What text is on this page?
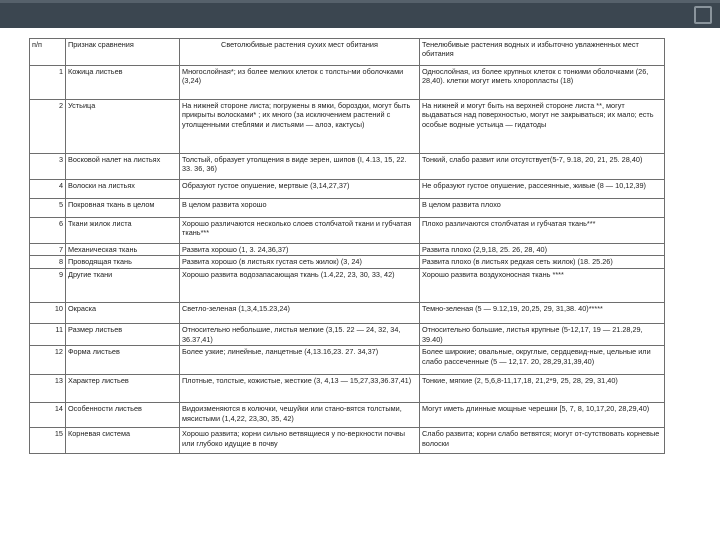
п/п	Признак сравнения	Светолюбивые растения сухих мест обитания	Тенелюбивые растения водных и избыточно увлажненных мест обитания
1	Кожица листьев	Многослойная*; из более мелких клеток с толсты-ми оболочками (3,24)	Однослойная, из более крупных клеток с тонкими оболочками (26, 28,40). клетки могут иметь хлоропласты (18)
2	Устьица	На нижней стороне листа; погружены в ямки, бороздки, могут быть прикрыты волосками* ; их много (за исключением растений с утолщенными стеблями и листьями — алоэ, кактусы)	На нижней и могут быть на верхней стороне листа **, могут выдаваться над поверхностью, могут не закрываться; их мало; есть особые водные устьица — гидатоды
3	Восковой налет на листьях	Толстый, образует утолщения в виде зерен, шипов (I, 4.13, 15, 22. 33. 36, 36)	Тонкий, слабо развит или отсутствует(5-7, 9.18, 20, 21, 25. 28,40)
4	Волоски на листьях	Образуют густое опушение, мертвые (3,14,27,37)	Не образуют густое опушение, рассеянные, живые (8 — 10,12,39)
5	Покровная ткань в целом	В целом развита хорошо	В целом развита плохо
6	Ткани жилок листа	Хорошо различаются несколько слоев столбчатой ткани и губчатая ткань***	Плохо различаются столбчатая и губчатая ткань***
7	Механическая ткань	Развита хорошо (1, 3. 24,36,37)	Развита плохо (2,9,18, 25. 26, 28, 40)
8	Проводящая ткань	Развита хорошо (в листьях густая сеть жилок) (3, 24)	Развита плохо (в листьях редкая сеть жилок) (18. 25.26)
9	Другие ткани	Хорошо развита водозапасающая ткань (1.4,22, 23, 30, 33, 42)	Хорошо развита воздухоносная ткань ****
10	Окраска	Светло-зеленая (1,3,4,15.23,24)	Темно-зеленая (5 — 9.12,19, 20,25, 29, 31,38. 40)*****
11	Размер листьев	Относительно небольшие, листья мелкие (3,15. 22 — 24, 32, 34, 36.37,41)	Относительно большие, листья крупные (5-12,17, 19 — 21.28,29, 39.40)
12	Форма листьев	Более узкие; линейные, ланцетные (4,13.16,23. 27. 34,37)	Более широкие; овальные, округлые, сердцевид-ные, цельные или слабо рассеченные (5 — 12,17. 20, 28,29,31,39,40)
13	Характер листьев	Плотные, толстые, кожистые, жесткие (3, 4,13 — 15,27,33,36.37,41)	Тонкие, мягкие (2, 5,6,8-11,17,18, 21,2*9, 25, 28, 29, 31,40)
14	Особенности листьев	Видоизменяются в колючки, чешуйки или стано-вятся толстыми, мясистыми (1,4,22, 23,30, 35, 42)	Могут иметь длинные мощные черешки [5, 7, 8, 10,17,20, 28,29,40)
15	Корневая система	Хорошо развита; корни сильно ветвящиеся у по-верхности почвы или глубоко идущие в почву	Слабо развита; корни слабо ветвятся; могут от-сутствовать корневые волоски
